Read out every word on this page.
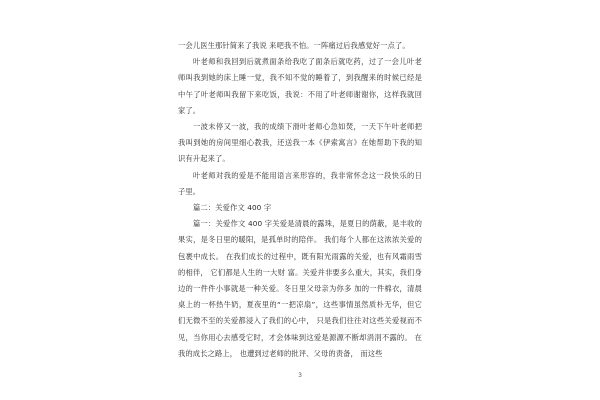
一会儿医生那针简来了我说 来吧我不怕。一阵痛过后我感觉好一点了。

叶老师和我回到后就煮面条给我吃了面条后就吃药，过了一会儿叶老师叫我到她的床上睡一觉，我不知不觉的睡着了，到我醒来的时候已经是中午了叶老师叫我留下来吃饭，我说：不用了叶老师谢谢你，这样我就回家了。

一波未停又一波，我的成绩下滑叶老师心急如焚，一天下午叶老师把我叫到她的房间里细心教我，还送我一本《伊索寓言》在她帮助下我的知识有升起来了。

叶老师对我的爱是不能用语言来形容的，我非常怀念这一段快乐的日子里。

篇二：关爱作文 400 字

篇一：关爱作文 400 字关爱是清晨的露珠，是夏日的荫蔽，是丰收的果实，是冬日里的暖阳，是孤单时的陪伴。 我们每个人都在这浓浓关爱的包裹中成长。 在我们成长的过程中，既有阳光雨露的关爱，也有风霜雨雪的相伴， 它们都是人生的一大财 富。关爱并非要多么重大，其实，我们身边的一件件小事就是一种关爱。冬日里父母亲为你多 加的一件棉衣，清晨桌上的一杯热牛奶，夏夜里的“一把凉扇”，这些事情虽然质朴无华，但它们无微不至的关爱都浸入了我们的心中， 只是我们往往对这些关爱视而不见，当你用心去感受它时，才会体味到这爱是源源不断却涓涓不露的。 在我的成长之路上， 也遭到过老师的批评、父母的责备， 而这些

3
